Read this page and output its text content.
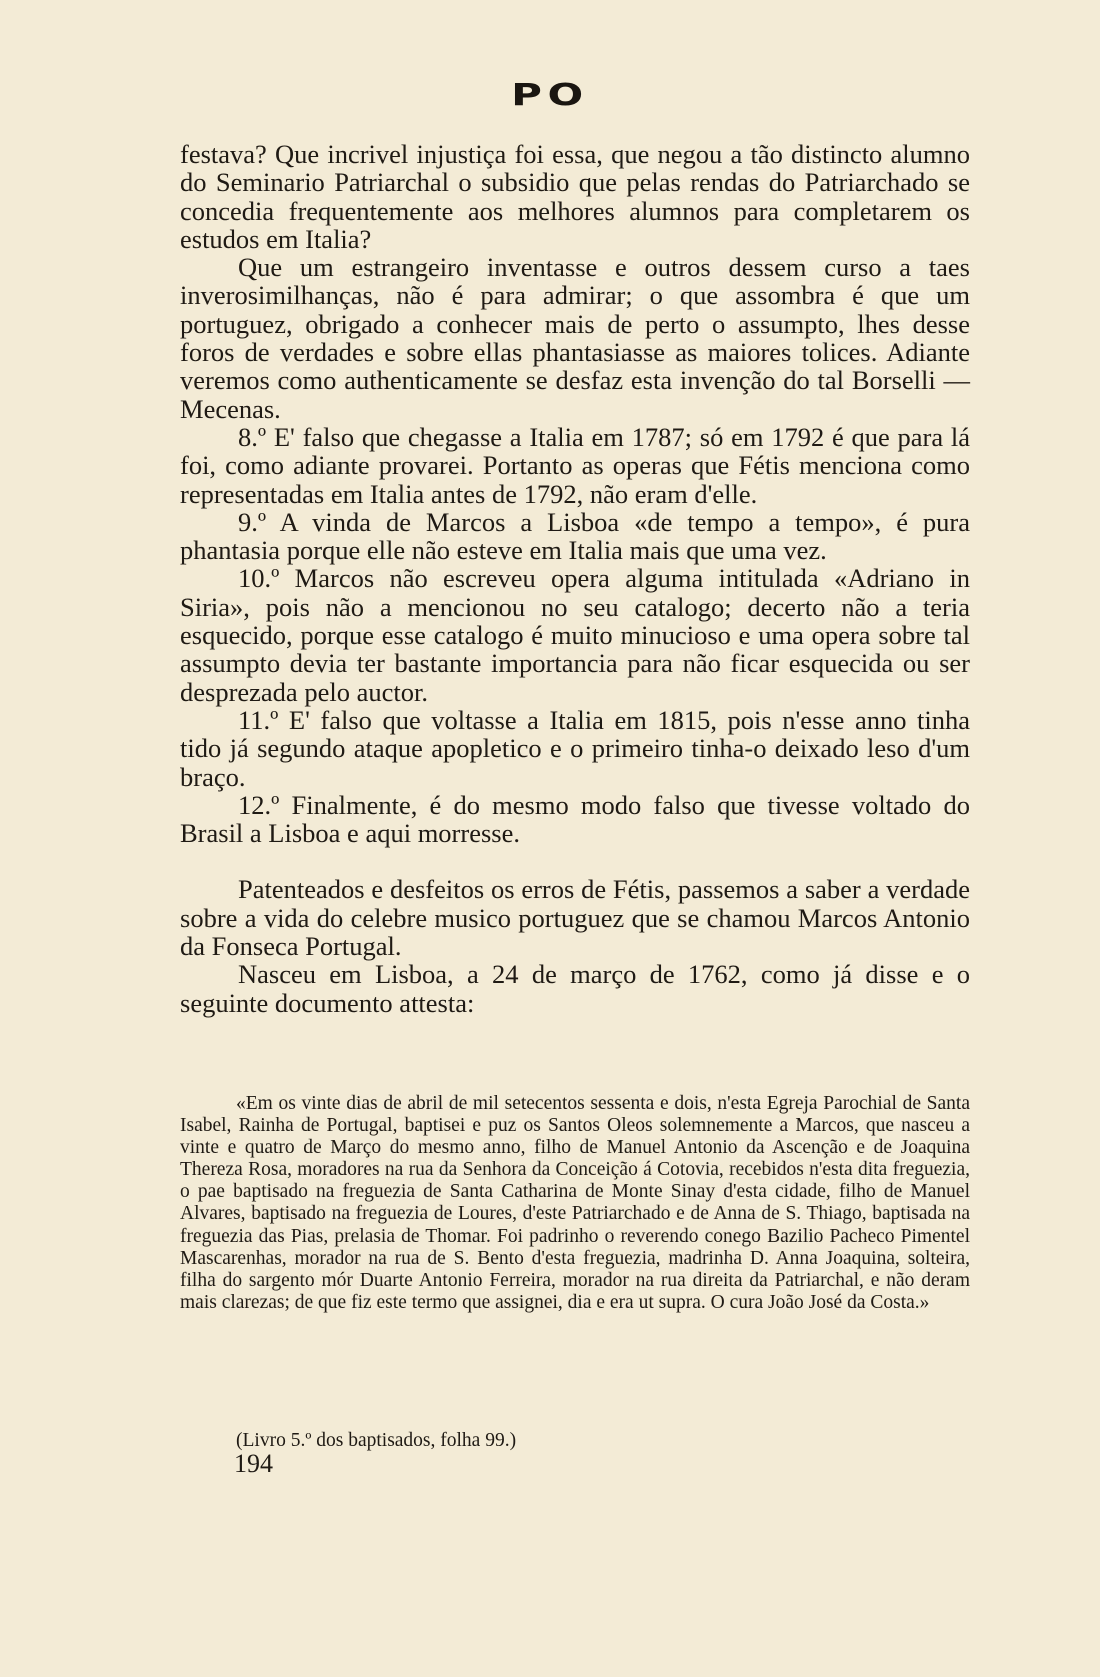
PO

festava? Que incrivel injustiça foi essa, que negou a tão distincto alumno do Seminario Patriarchal o subsidio que pelas rendas do Patriarchado se concedia frequentemente aos melhores alumnos para completarem os estudos em Italia?

Que um estrangeiro inventasse e outros dessem curso a taes inverosimilhanças, não é para admirar; o que assombra é que um portuguez, obrigado a conhecer mais de perto o assumpto, lhes desse foros de verdades e sobre ellas phantasiasse as maiores tolices. Adiante veremos como authenticamente se desfaz esta invenção do tal Borselli — Mecenas.

8.º E' falso que chegasse a Italia em 1787; só em 1792 é que para lá foi, como adiante provarei. Portanto as operas que Fétis menciona como representadas em Italia antes de 1792, não eram d'elle.

9.º A vinda de Marcos a Lisboa «de tempo a tempo», é pura phantasia porque elle não esteve em Italia mais que uma vez.

10.º Marcos não escreveu opera alguma intitulada «Adriano in Siria», pois não a mencionou no seu catalogo; decerto não a teria esquecido, porque esse catalogo é muito minucioso e uma opera sobre tal assumpto devia ter bastante importancia para não ficar esquecida ou ser desprezada pelo auctor.

11.º E' falso que voltasse a Italia em 1815, pois n'esse anno tinha tido já segundo ataque apopletico e o primeiro tinha-o deixado leso d'um braço.

12.º Finalmente, é do mesmo modo falso que tivesse voltado do Brasil a Lisboa e aqui morresse.

Patenteados e desfeitos os erros de Fétis, passemos a saber a verdade sobre a vida do celebre musico portuguez que se chamou Marcos Antonio da Fonseca Portugal.

Nasceu em Lisboa, a 24 de março de 1762, como já disse e o seguinte documento attesta:

«Em os vinte dias de abril de mil setecentos sessenta e dois, n'esta Egreja Parochial de Santa Isabel, Rainha de Portugal, baptisei e puz os Santos Oleos solemnemente a Marcos, que nasceu a vinte e quatro de Março do mesmo anno, filho de Manuel Antonio da Ascenção e de Joaquina Thereza Rosa, moradores na rua da Senhora da Conceição á Cotovia, recebidos n'esta dita freguezia, o pae baptisado na freguezia de Santa Catharina de Monte Sinay d'esta cidade, filho de Manuel Alvares, baptisado na freguezia de Loures, d'este Patriarchado e de Anna de S. Thiago, baptisada na freguezia das Pias, prelasia de Thomar. Foi padrinho o reverendo conego Bazilio Pacheco Pimentel Mascarenhas, morador na rua de S. Bento d'esta freguezia, madrinha D. Anna Joaquina, solteira, filha do sargento mór Duarte Antonio Ferreira, morador na rua direita da Patriarchal, e não deram mais clarezas; de que fiz este termo que assignei, dia e era ut supra. O cura João José da Costa.»

(Livro 5.º dos baptisados, folha 99.)
194
